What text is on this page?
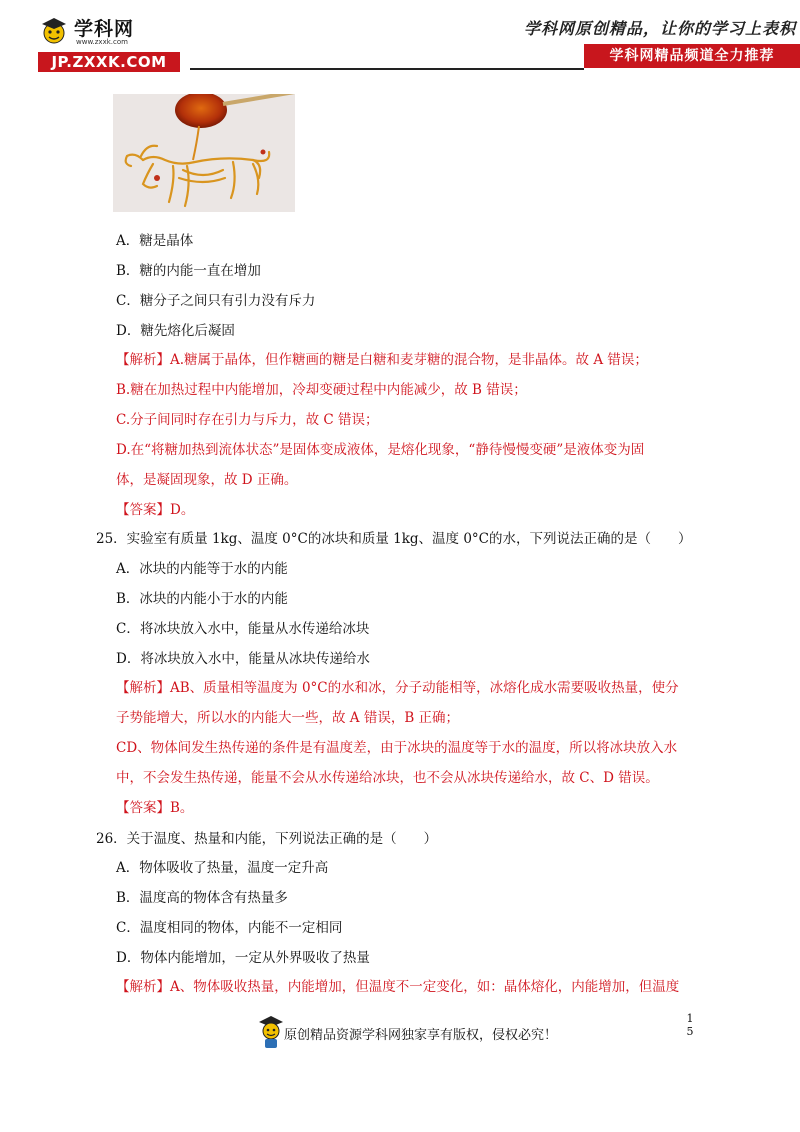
学科网
www.zxxk.com
JP.ZXXK.COM
学科网原创精品，让你的学习上表积
学科网精品频道全力推荐
A．糖是晶体
B．糖的内能一直在增加
C．糖分子之间只有引力没有斥力
D．糖先熔化后凝固
【解析】A.糖属于晶体，但作糖画的糖是白糖和麦芽糖的混合物，是非晶体。故 A 错误；
B.糖在加热过程中内能增加，冷却变硬过程中内能减少，故 B 错误；
C.分子间同时存在引力与斥力，故 C 错误；
D.在“将糖加热到流体状态”是固体变成液体，是熔化现象，“静待慢慢变硬”是液体变为固
体，是凝固现象，故 D 正确。
【答案】D。
25．实验室有质量 1kg、温度 0°C的冰块和质量 1kg、温度 0°C的水，下列说法正确的是（　　）
A．冰块的内能等于水的内能
B．冰块的内能小于水的内能
C．将冰块放入水中，能量从水传递给冰块
D．将冰块放入水中，能量从冰块传递给水
【解析】AB、质量相等温度为 0°C的水和冰，分子动能相等，冰熔化成水需要吸收热量，使分
子势能增大，所以水的内能大一些，故 A 错误，B 正确；
CD、物体间发生热传递的条件是有温度差，由于冰块的温度等于水的温度，所以将冰块放入水
中，不会发生热传递，能量不会从水传递给冰块，也不会从冰块传递给水，故 C、D 错误。
【答案】B。
26．关于温度、热量和内能，下列说法正确的是（　　）
A．物体吸收了热量，温度一定升高
B．温度高的物体含有热量多
C．温度相同的物体，内能不一定相同
D．物体内能增加，一定从外界吸收了热量
【解析】A、物体吸收热量，内能增加，但温度不一定变化，如：晶体熔化，内能增加，但温度
原创精品资源学科网独家享有版权，侵权必究！
1
5
